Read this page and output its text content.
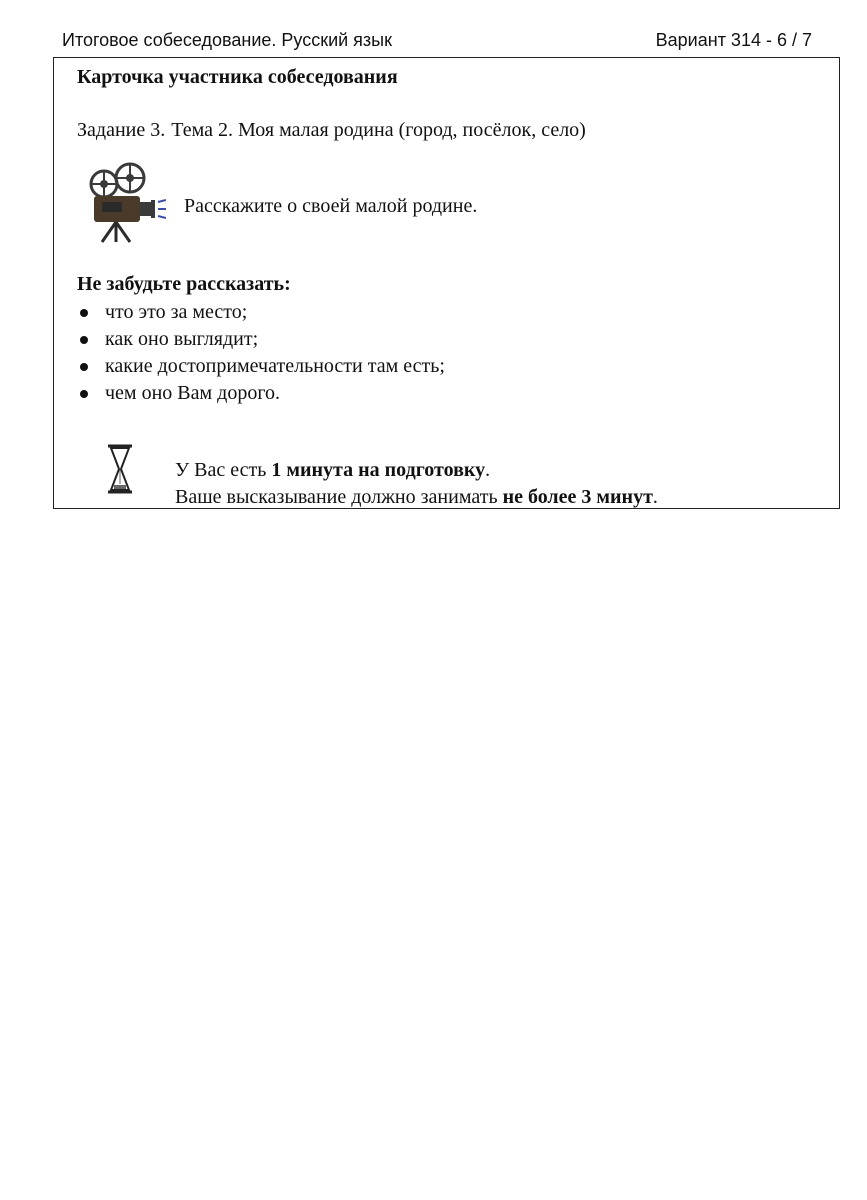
Итоговое собеседование. Русский язык	Вариант 314 - 6 / 7
Карточка участника собеседования
Задание 3. Тема 2. Моя малая родина (город, посёлок, село)
Расскажите о своей малой родине.
Не забудьте рассказать:
что это за место;
как оно выглядит;
какие достопримечательности там есть;
чем оно Вам дорого.
У Вас есть 1 минута на подготовку.
Ваше высказывание должно занимать не более 3 минут.
